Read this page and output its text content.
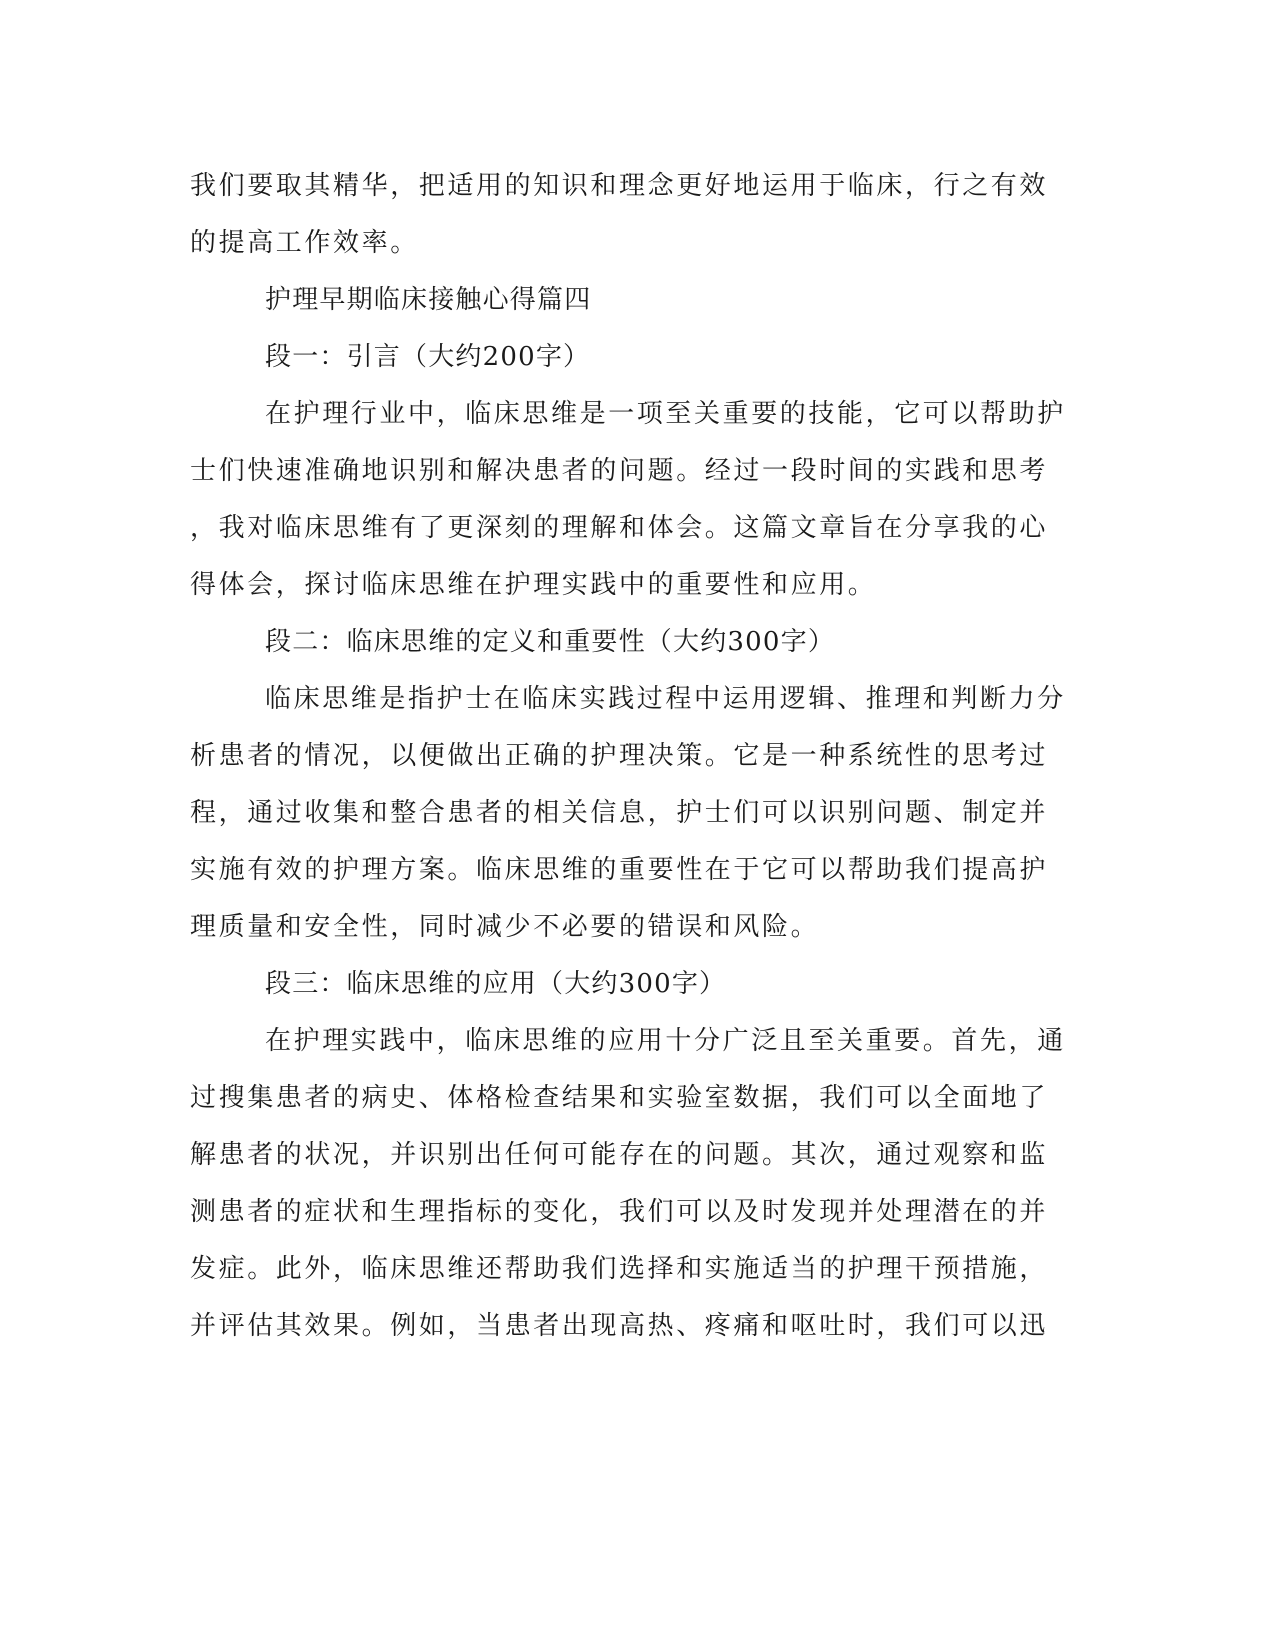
我们要取其精华，把适用的知识和理念更好地运用于临床，行之有效
的提高工作效率。
护理早期临床接触心得篇四
段一：引言（大约200字）
在护理行业中，临床思维是一项至关重要的技能，它可以帮助护
士们快速准确地识别和解决患者的问题。经过一段时间的实践和思考
，我对临床思维有了更深刻的理解和体会。这篇文章旨在分享我的心
得体会，探讨临床思维在护理实践中的重要性和应用。
段二：临床思维的定义和重要性（大约300字）
临床思维是指护士在临床实践过程中运用逻辑、推理和判断力分
析患者的情况，以便做出正确的护理决策。它是一种系统性的思考过
程，通过收集和整合患者的相关信息，护士们可以识别问题、制定并
实施有效的护理方案。临床思维的重要性在于它可以帮助我们提高护
理质量和安全性，同时减少不必要的错误和风险。
段三：临床思维的应用（大约300字）
在护理实践中，临床思维的应用十分广泛且至关重要。首先，通
过搜集患者的病史、体格检查结果和实验室数据，我们可以全面地了
解患者的状况，并识别出任何可能存在的问题。其次，通过观察和监
测患者的症状和生理指标的变化，我们可以及时发现并处理潜在的并
发症。此外，临床思维还帮助我们选择和实施适当的护理干预措施，
并评估其效果。例如，当患者出现高热、疼痛和呕吐时，我们可以迅
